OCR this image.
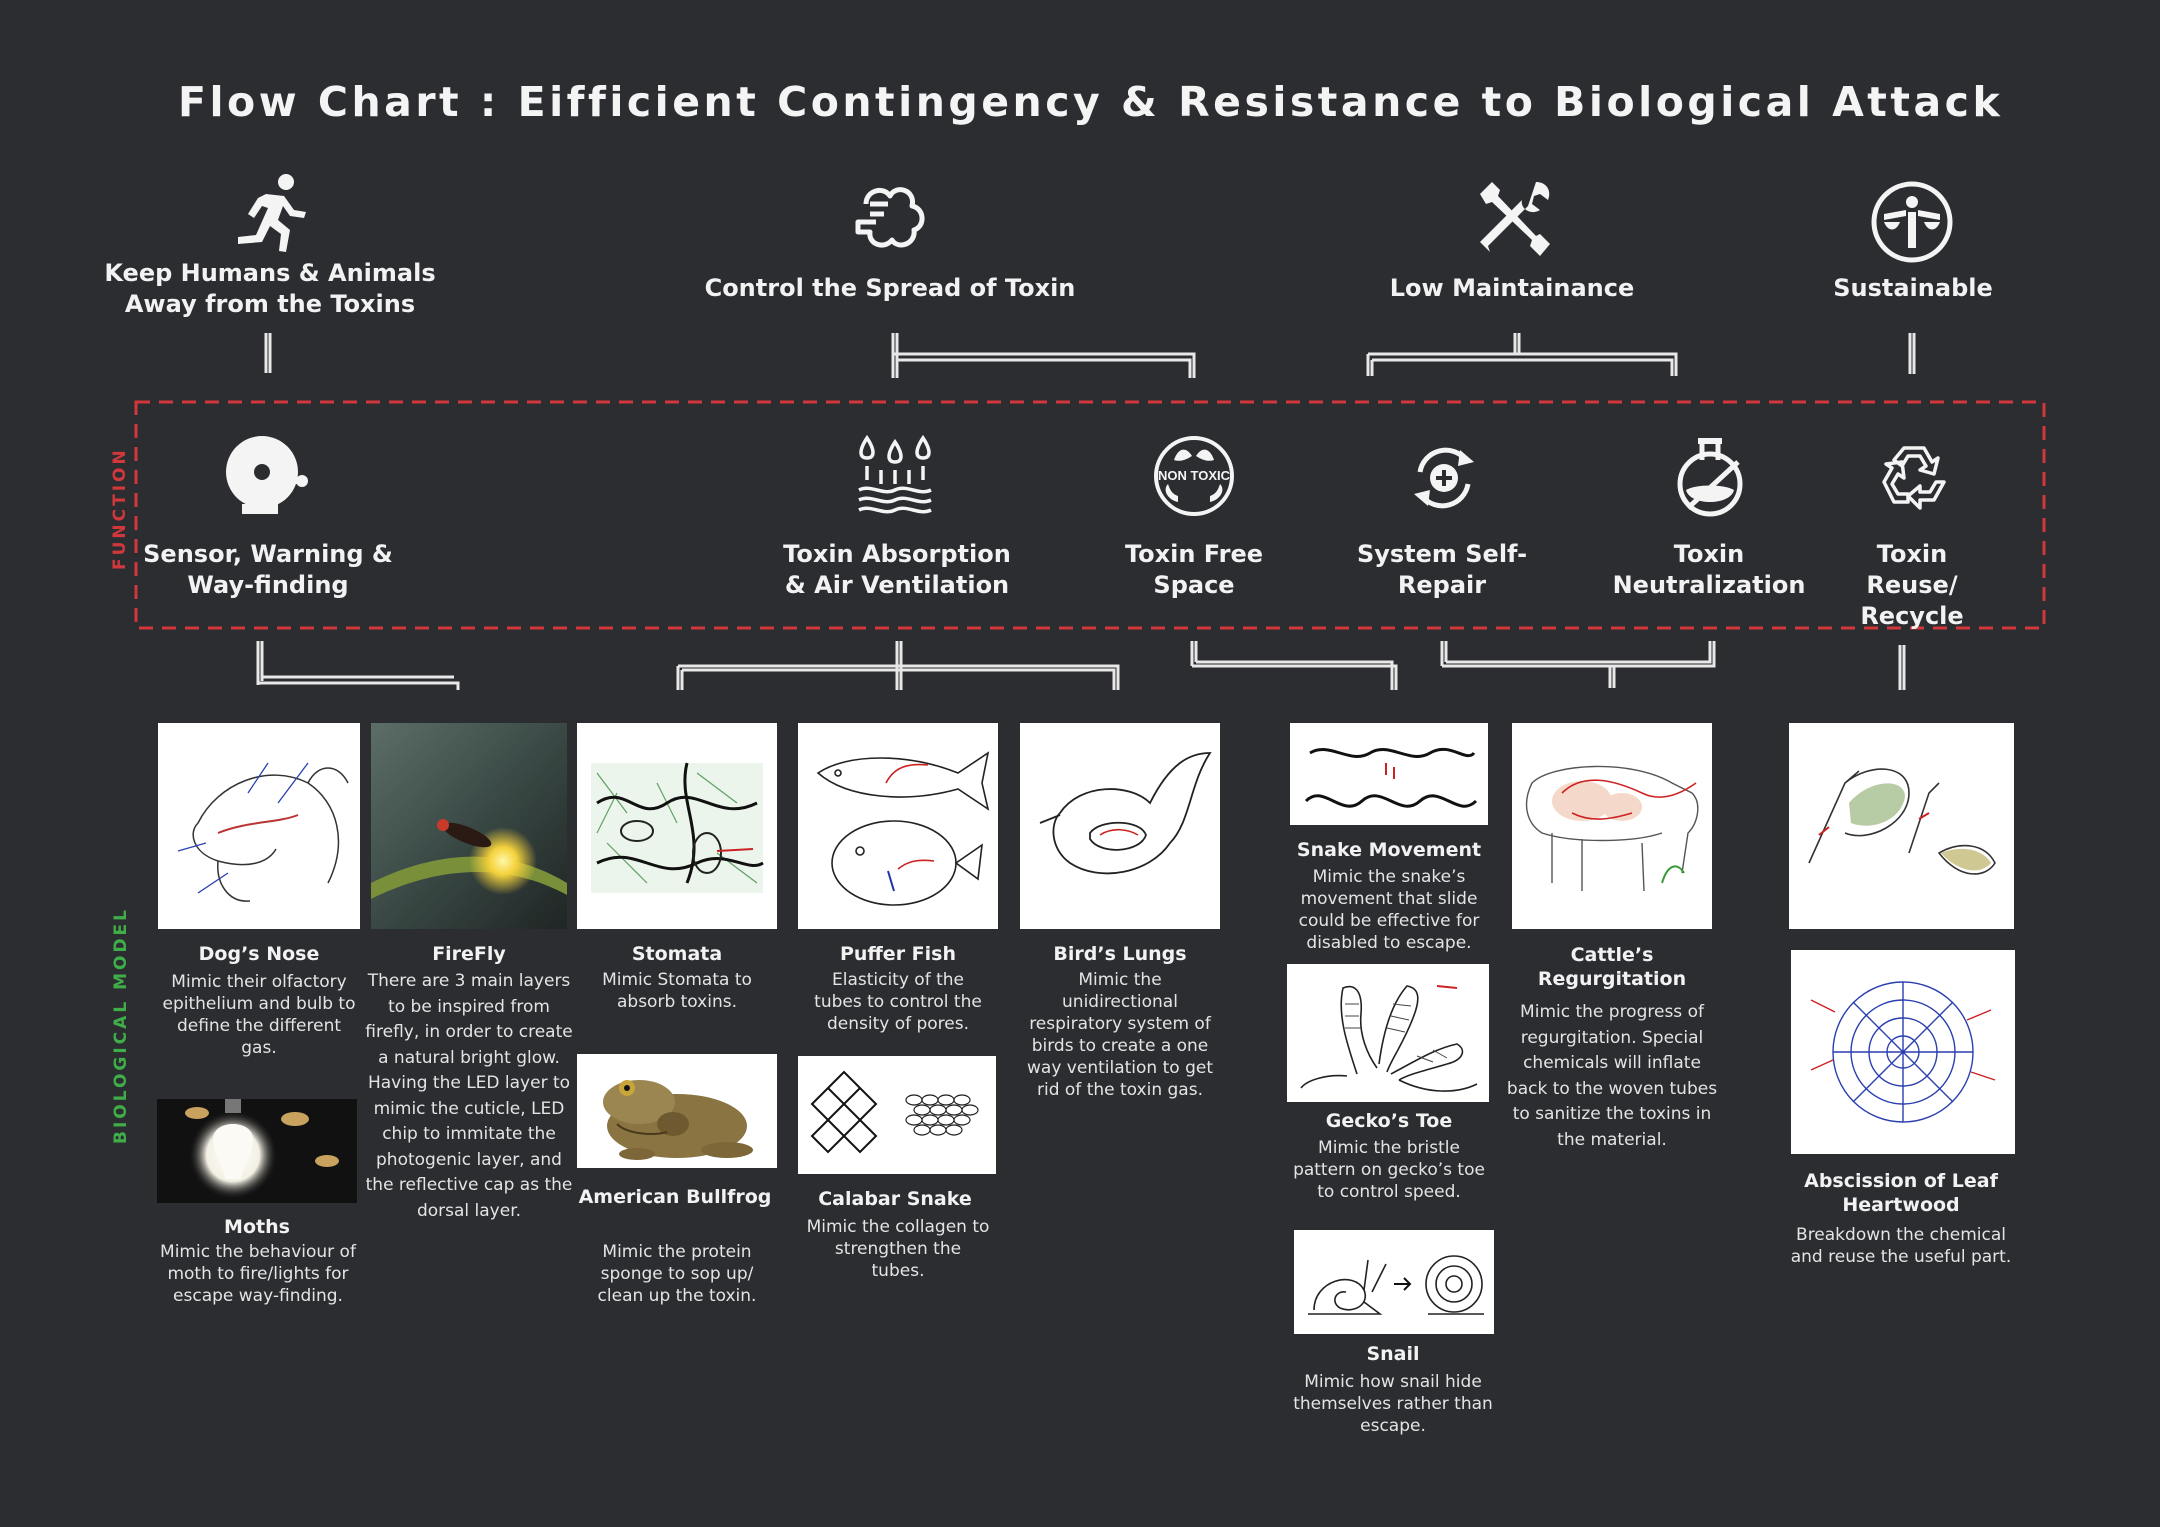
Flow Chart : Eifficient Contingency & Resistance to Biological Attack
FUNCTION
BIOLOGICAL MODEL
Keep Humans & Animals Away from the Toxins
Control the Spread of Toxin	Low Maintainance	Sustainable
Sensor, Warning & Way-finding
Toxin Absorption & Air Ventilation
NON TOXIC
Toxin Free Space
System Self-Repair
Toxin Neutralization
Toxin Reuse/ Recycle
Dog’s Nose
Mimic their olfactory epithelium and bulb to define the different gas.
Moths
Mimic the behaviour of moth to fire/lights for escape way-finding.
FireFly
There are 3 main layers to be inspired from firefly, in order to create a natural bright glow. Having the LED layer to mimic the cuticle, LED chip to immitate the photogenic layer, and the reflective cap as the dorsal layer.
Stomata
Mimic Stomata to absorb toxins.
American Bullfrog
Mimic the protein sponge to sop up/ clean up the toxin.
Puffer Fish
Elasticity of the tubes to control the density of pores.
Calabar Snake
Mimic the collagen to strengthen the tubes.
Bird’s Lungs
Mimic the unidirectional respiratory system of birds to create a one way ventilation to get rid of the toxin gas.
Snake Movement
Mimic the snake’s movement that slide could be effective for disabled to escape.
Gecko’s Toe
Mimic the bristle pattern on gecko’s toe to control speed.
Snail
Mimic how snail hide themselves rather than escape.
Cattle’s Regurgitation
Mimic the progress of regurgitation. Special chemicals will inflate back to the woven tubes to sanitize the toxins in the material.
Abscission of Leaf Heartwood
Breakdown the chemical and reuse the useful part.
